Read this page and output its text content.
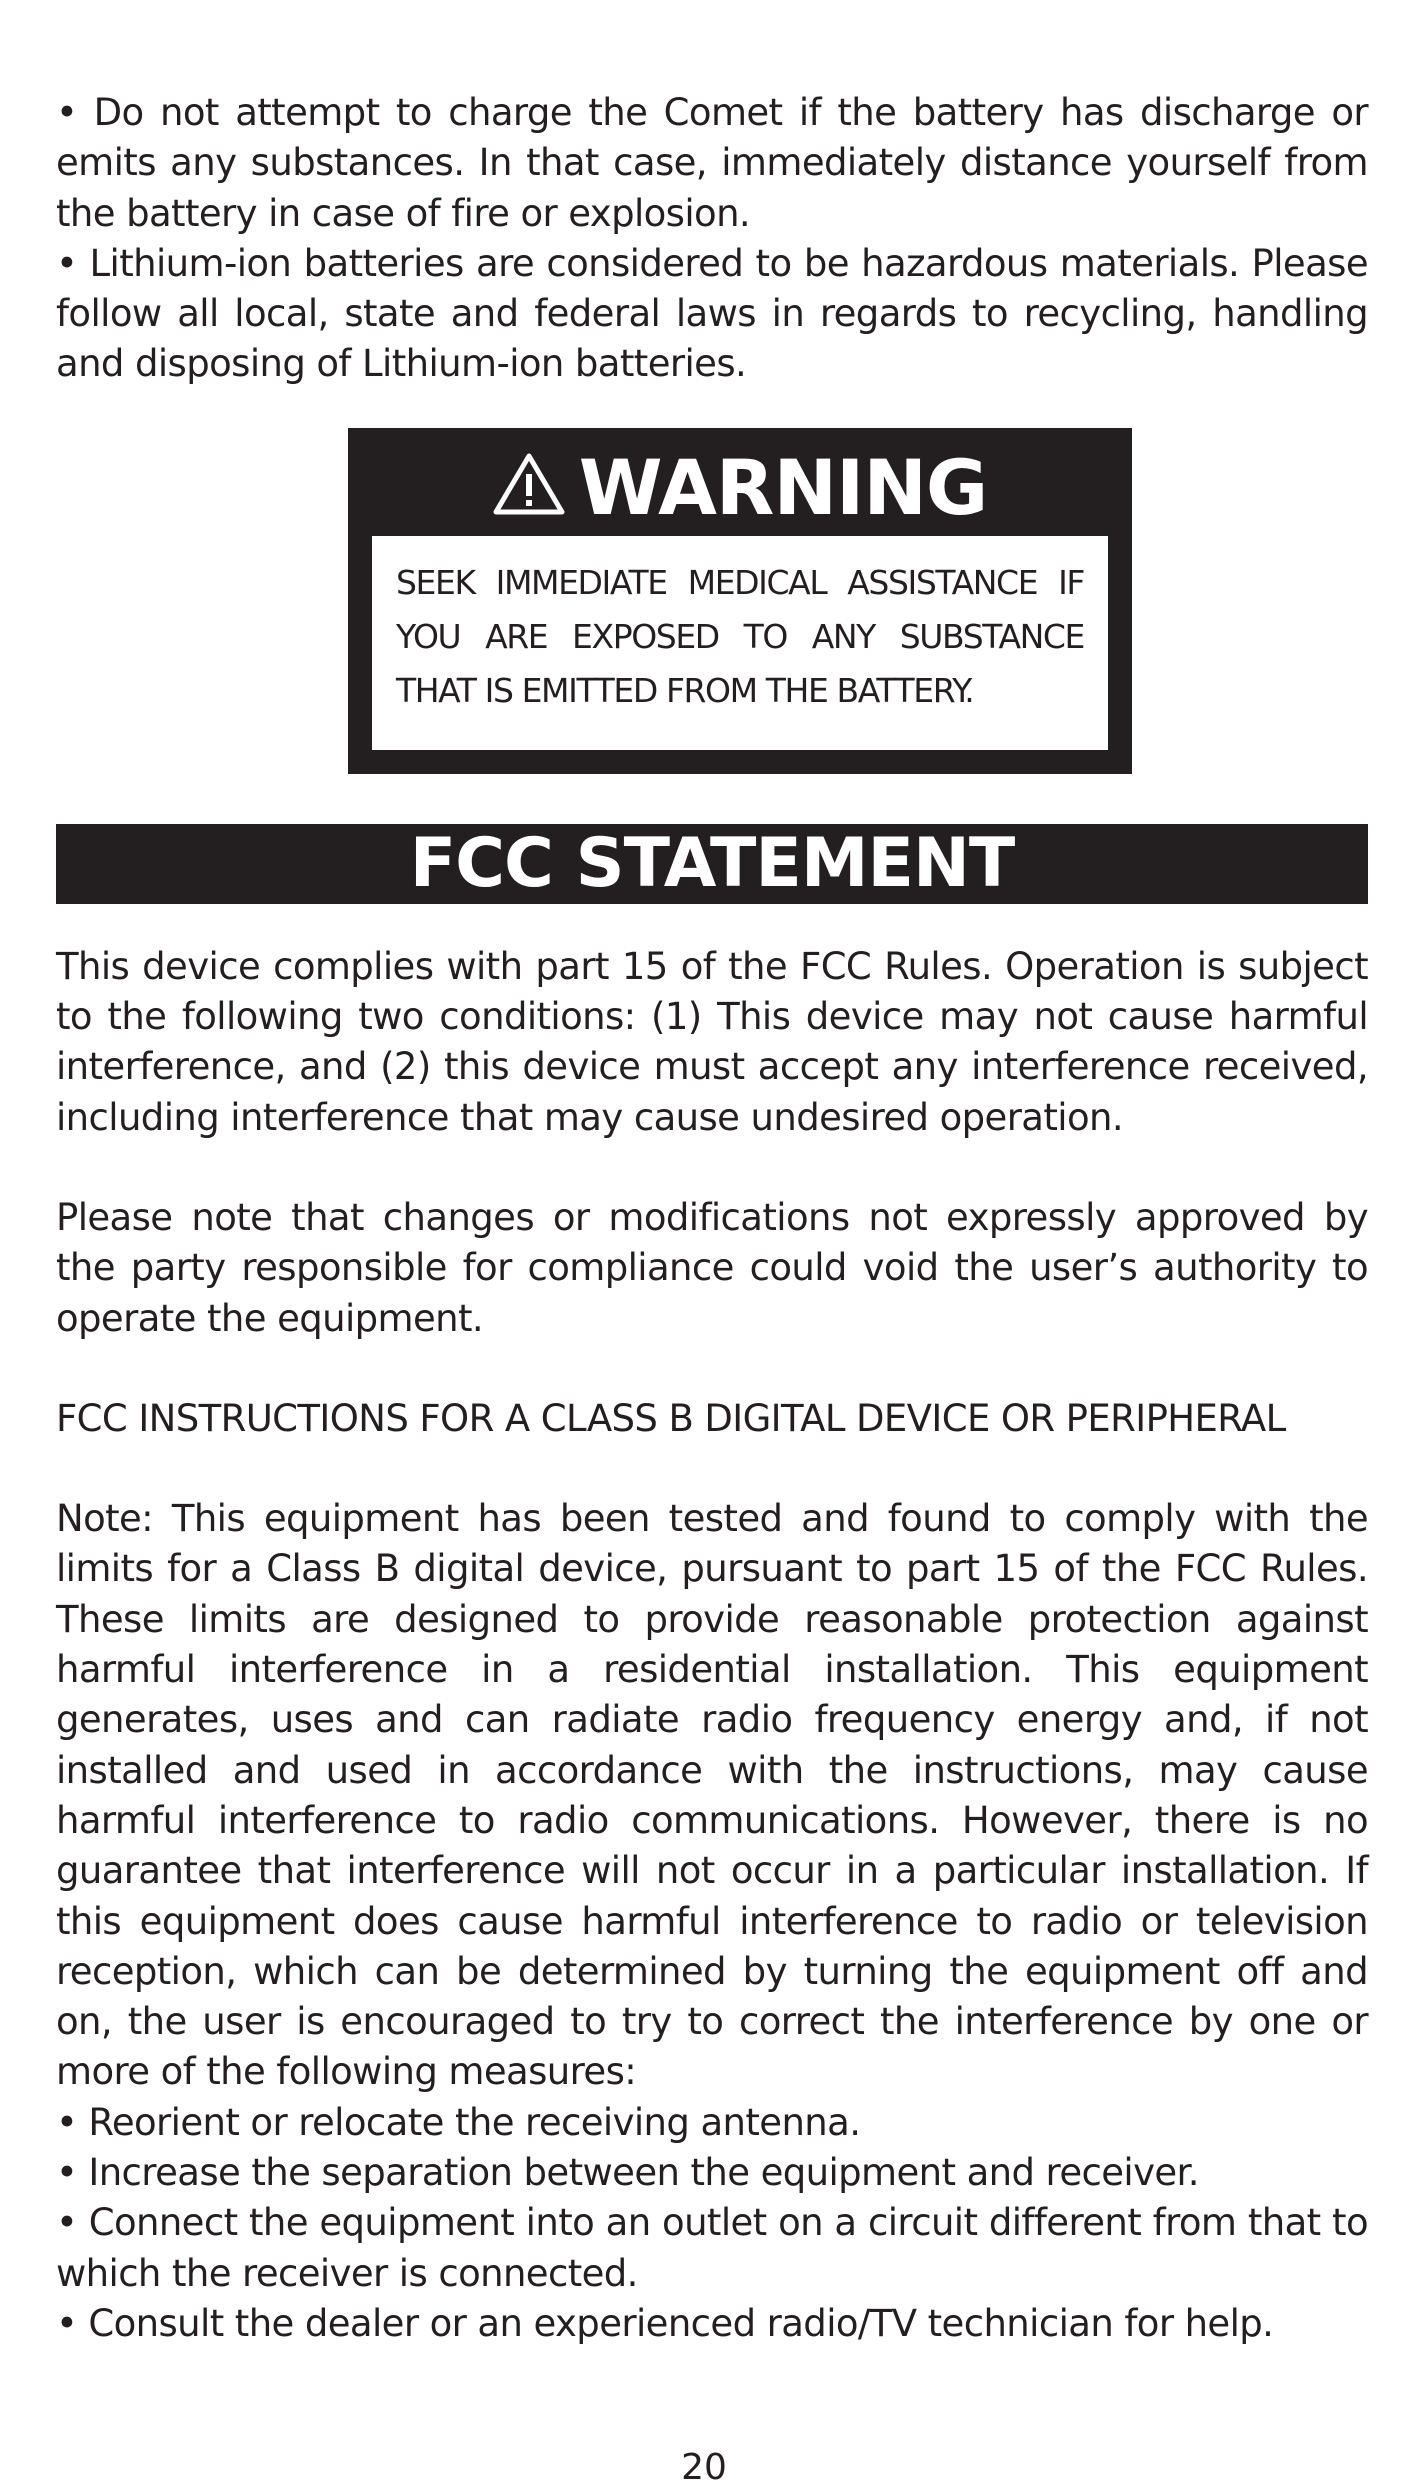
• Do not attempt to charge the Comet if the battery has discharge or emits any substances. In that case, immediately distance yourself from the battery in case of fire or explosion.

• Lithium-ion batteries are considered to be hazardous materials. Please follow all local, state and federal laws in regards to recycling, handling and disposing of Lithium-ion batteries.

WARNING

SEEK IMMEDIATE MEDICAL ASSISTANCE IF YOU ARE EXPOSED TO ANY SUBSTANCE THAT IS EMITTED FROM THE BATTERY.

FCC STATEMENT

This device complies with part 15 of the FCC Rules. Operation is subject to the following two conditions: (1) This device may not cause harmful interference, and (2) this device must accept any interference received, including interference that may cause undesired operation.

Please note that changes or modifications not expressly approved by the party responsible for compliance could void the user’s authority to operate the equipment.

FCC INSTRUCTIONS FOR A CLASS B DIGITAL DEVICE OR PERIPHERAL

Note: This equipment has been tested and found to comply with the limits for a Class B digital device, pursuant to part 15 of the FCC Rules. These limits are designed to provide reasonable protection against harmful interference in a residential installation. This equipment generates, uses and can radiate radio frequency energy and, if not installed and used in accordance with the instructions, may cause harmful interference to radio communications. However, there is no guarantee that interference will not occur in a particular installation. If this equipment does cause harmful interference to radio or television reception, which can be determined by turning the equipment off and on, the user is encouraged to try to correct the interference by one or more of the following measures:

• Reorient or relocate the receiving antenna.

• Increase the separation between the equipment and receiver.

• Connect the equipment into an outlet on a circuit different from that to which the receiver is connected.

• Consult the dealer or an experienced radio/TV technician for help.

20
